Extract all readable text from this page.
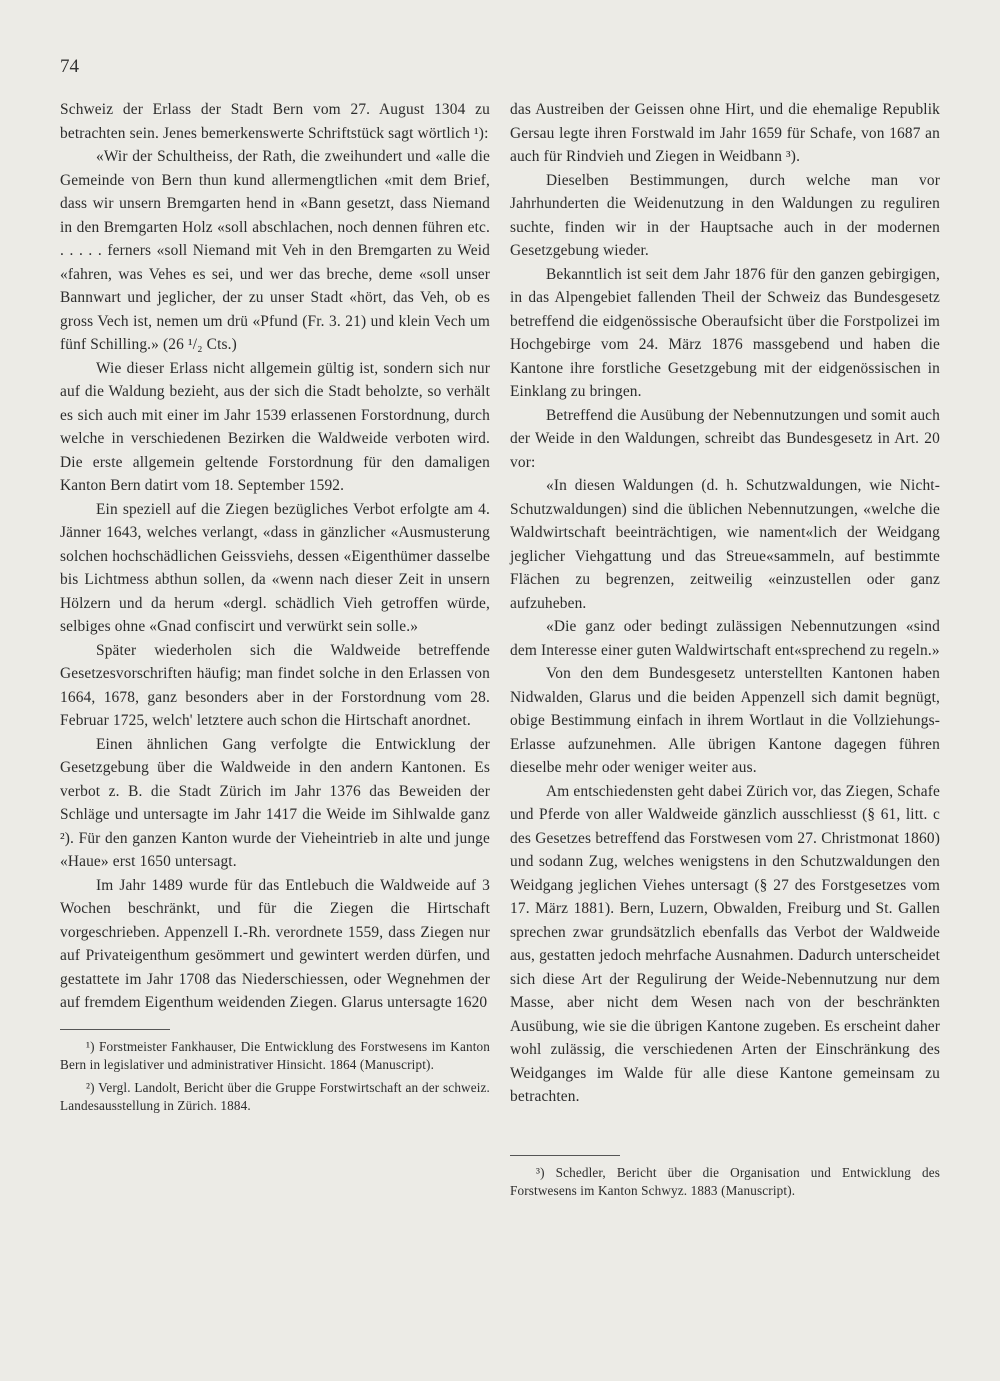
74

Schweiz der Erlass der Stadt Bern vom 27. August 1304 zu betrachten sein. Jenes bemerkenswerte Schriftstück sagt wörtlich ¹):

«Wir der Schultheiss, der Rath, die zweihundert und «alle die Gemeinde von Bern thun kund allermengtlichen «mit dem Brief, dass wir unsern Bremgarten hend in «Bann gesetzt, dass Niemand in den Bremgarten Holz «soll abschlachen, noch dennen führen etc. . . . . . ferners «soll Niemand mit Veh in den Bremgarten zu Weid «fahren, was Vehes es sei, und wer das breche, deme «soll unser Bannwart und jeglicher, der zu unser Stadt «hört, das Veh, ob es gross Vech ist, nemen um drü «Pfund (Fr. 3. 21) und klein Vech um fünf Schilling.» (26 ¹/₂ Cts.)

Wie dieser Erlass nicht allgemein gültig ist, sondern sich nur auf die Waldung bezieht, aus der sich die Stadt beholzte, so verhält es sich auch mit einer im Jahr 1539 erlassenen Forstordnung, durch welche in verschiedenen Bezirken die Waldweide verboten wird. Die erste allgemein geltende Forstordnung für den damaligen Kanton Bern datirt vom 18. September 1592.

Ein speziell auf die Ziegen bezügliches Verbot erfolgte am 4. Jänner 1643, welches verlangt, «dass in gänzlicher «Ausmusterung solchen hochschädlichen Geissviehs, dessen «Eigenthümer dasselbe bis Lichtmess abthun sollen, da «wenn nach dieser Zeit in unsern Hölzern und da herum «dergl. schädlich Vieh getroffen würde, selbiges ohne «Gnad confiscirt und verwürkt sein solle.»

Später wiederholen sich die Waldweide betreffende Gesetzesvorschriften häufig; man findet solche in den Erlassen von 1664, 1678, ganz besonders aber in der Forstordnung vom 28. Februar 1725, welch' letztere auch schon die Hirtschaft anordnet.

Einen ähnlichen Gang verfolgte die Entwicklung der Gesetzgebung über die Waldweide in den andern Kantonen. Es verbot z. B. die Stadt Zürich im Jahr 1376 das Beweiden der Schläge und untersagte im Jahr 1417 die Weide im Sihlwalde ganz ²). Für den ganzen Kanton wurde der Vieheintrieb in alte und junge «Haue» erst 1650 untersagt.

Im Jahr 1489 wurde für das Entlebuch die Waldweide auf 3 Wochen beschränkt, und für die Ziegen die Hirtschaft vorgeschrieben. Appenzell I.-Rh. verordnete 1559, dass Ziegen nur auf Privateigenthum gesömmert und gewintert werden dürfen, und gestattete im Jahr 1708 das Niederschiessen, oder Wegnehmen der auf fremdem Eigenthum weidenden Ziegen. Glarus untersagte 1620

¹) Forstmeister Fankhauser, Die Entwicklung des Forstwesens im Kanton Bern in legislativer und administrativer Hinsicht. 1864 (Manuscript).

²) Vergl. Landolt, Bericht über die Gruppe Forstwirtschaft an der schweiz. Landesausstellung in Zürich. 1884.

das Austreiben der Geissen ohne Hirt, und die ehemalige Republik Gersau legte ihren Forstwald im Jahr 1659 für Schafe, von 1687 an auch für Rindvieh und Ziegen in Weidbann ³).

Dieselben Bestimmungen, durch welche man vor Jahrhunderten die Weidenutzung in den Waldungen zu reguliren suchte, finden wir in der Hauptsache auch in der modernen Gesetzgebung wieder.

Bekanntlich ist seit dem Jahr 1876 für den ganzen gebirgigen, in das Alpengebiet fallenden Theil der Schweiz das Bundesgesetz betreffend die eidgenössische Oberaufsicht über die Forstpolizei im Hochgebirge vom 24. März 1876 massgebend und haben die Kantone ihre forstliche Gesetzgebung mit der eidgenössischen in Einklang zu bringen.

Betreffend die Ausübung der Nebennutzungen und somit auch der Weide in den Waldungen, schreibt das Bundesgesetz in Art. 20 vor:

«In diesen Waldungen (d. h. Schutzwaldungen, wie Nicht-Schutzwaldungen) sind die üblichen Nebennutzungen, «welche die Waldwirtschaft beeinträchtigen, wie nament«lich der Weidgang jeglicher Viehgattung und das Streue«sammeln, auf bestimmte Flächen zu begrenzen, zeitweilig «einzustellen oder ganz aufzuheben.

«Die ganz oder bedingt zulässigen Nebennutzungen «sind dem Interesse einer guten Waldwirtschaft ent«sprechend zu regeln.»

Von den dem Bundesgesetz unterstellten Kantonen haben Nidwalden, Glarus und die beiden Appenzell sich damit begnügt, obige Bestimmung einfach in ihrem Wortlaut in die Vollziehungs-Erlasse aufzunehmen. Alle übrigen Kantone dagegen führen dieselbe mehr oder weniger weiter aus.

Am entschiedensten geht dabei Zürich vor, das Ziegen, Schafe und Pferde von aller Waldweide gänzlich ausschliesst (§ 61, litt. c des Gesetzes betreffend das Forstwesen vom 27. Christmonat 1860) und sodann Zug, welches wenigstens in den Schutzwaldungen den Weidgang jeglichen Viehes untersagt (§ 27 des Forstgesetzes vom 17. März 1881). Bern, Luzern, Obwalden, Freiburg und St. Gallen sprechen zwar grundsätzlich ebenfalls das Verbot der Waldweide aus, gestatten jedoch mehrfache Ausnahmen. Dadurch unterscheidet sich diese Art der Regulirung der Weide-Nebennutzung nur dem Masse, aber nicht dem Wesen nach von der beschränkten Ausübung, wie sie die übrigen Kantone zugeben. Es erscheint daher wohl zulässig, die verschiedenen Arten der Einschränkung des Weidganges im Walde für alle diese Kantone gemeinsam zu betrachten.

³) Schedler, Bericht über die Organisation und Entwicklung des Forstwesens im Kanton Schwyz. 1883 (Manuscript).
